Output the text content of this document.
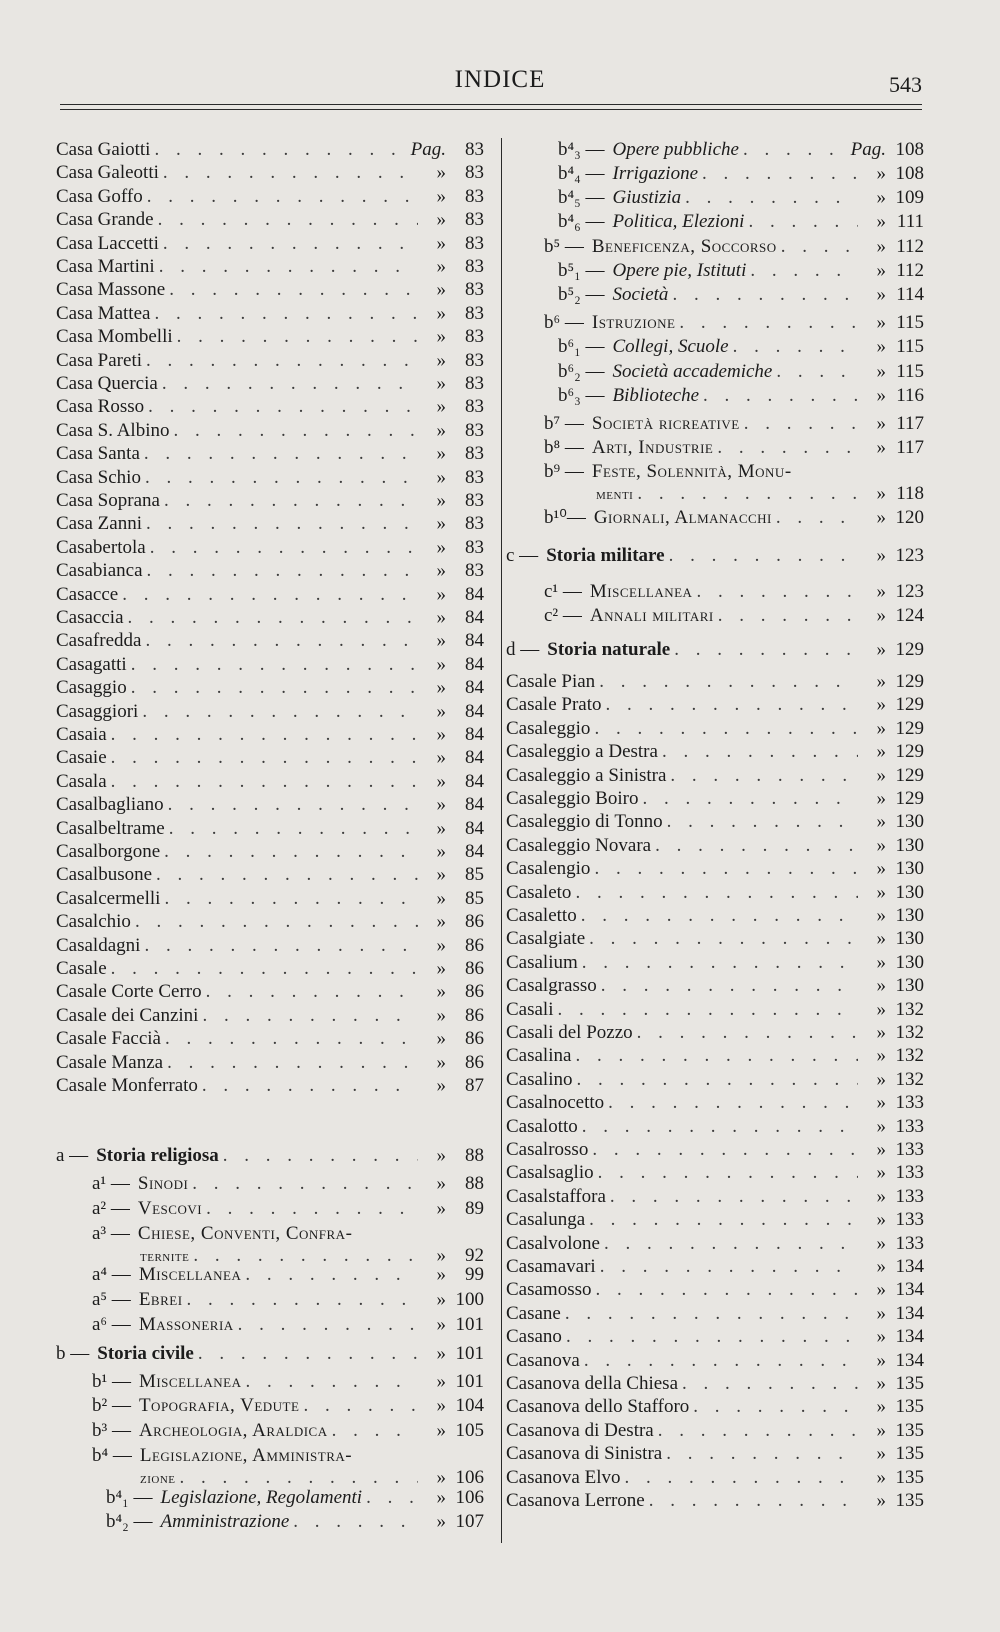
INDICE	543
Casa Gaiotti . . .	Pag.	83
Casa Galeotti . . .	»	83
Casa Goffo . . .	»	83
Casa Grande . . .	»	83
Casa Laccetti . . .	»	83
Casa Martini . . .	»	83
Casa Massone . . .	»	83
Casa Mattea . . .	»	83
Casa Mombelli . . .	»	83
Casa Pareti . . .	»	83
Casa Quercia . . .	»	83
Casa Rosso . . .	»	83
Casa S. Albino . . .	»	83
Casa Santa . . .	»	83
Casa Schio . . .	»	83
Casa Soprana . . .	»	83
Casa Zanni . . .	»	83
Casabertola . . .	»	83
Casabianca . . .	»	83
Casacce . . .	»	84
Casaccia . . .	»	84
Casafredda . . .	»	84
Casagatti . . .	»	84
Casaggio . . .	»	84
Casaggiori . . .	»	84
Casaia . . .	»	84
Casaie . . .	»	84
Casala . . .	»	84
Casalbagliano . . .	»	84
Casalbeltrame . . .	»	84
Casalborgone . . .	»	84
Casalbusone . . .	»	85
Casalcermelli . . .	»	85
Casalchio . . .	»	86
Casaldagni . . .	»	86
Casale . . .	»	86
Casale Corte Cerro . . .	»	86
Casale dei Canzini . . .	»	86
Casale Faccià . . .	»	86
Casale Manza . . .	»	86
Casale Monferrato . . .	»	87
a — Storia religiosa . . .	»	88
a¹ — Sinodi . . .	»	88
a² — Vescovi . . .	»	89
a³ — Chiese, Conventi, Confra-
ternite . . .	»	92
a⁴ — Miscellanea . . .	»	99
a⁵ — Ebrei . . .	» 100
a⁶ — Massoneria . . .	» 101
b — Storia civile . . .	» 101
b¹ — Miscellanea . . .	» 101
b² — Topografia, Vedute . . .	» 104
b³ — Archeologia, Araldica . . .	» 105
b⁴ — Legislazione, Amministra-
zione . . .	» 106
b⁴₁ — Legislazione, Regolamenti . . .	» 106
b⁴₂ — Amministrazione . . .	» 107
b⁴₃ — Opere pubbliche . . .	Pag. 108
b⁴₄ — Irrigazione . . .	» 108
b⁴₅ — Giustizia . . .	» 109
b⁴₆ — Politica, Elezioni . . .	» 111
b⁵ — Beneficenza, Soccorso . . .	» 112
b⁵₁ — Opere pie, Istituti . . .	» 112
b⁵₂ — Società . . .	» 114
b⁶ — Istruzione . . .	» 115
b⁶₁ — Collegi, Scuole . . .	» 115
b⁶₂ — Società accademiche . . .	» 115
b⁶₃ — Biblioteche . . .	» 116
b⁷ — Società ricreative . . .	» 117
b⁸ — Arti, Industrie . . .	» 117
b⁹ — Feste, Solennità, Monu-
menti . . .	» 118
b¹⁰— Giornali, Almanacchi . . .	» 120
c — Storia militare . . .	» 123
c¹ — Miscellanea . . .	» 123
c² — Annali militari . . .	» 124
d — Storia naturale . . .	» 129
Casale Pian . . .	» 129
Casale Prato . . .	» 129
Casaleggio . . .	» 129
Casaleggio a Destra . . .	» 129
Casaleggio a Sinistra . . .	» 129
Casaleggio Boiro . . .	» 129
Casaleggio di Tonno . . .	» 130
Casaleggio Novara . . .	» 130
Casalengio . . .	» 130
Casaleto . . .	» 130
Casaletto . . .	» 130
Casalgiate . . .	» 130
Casalium . . .	» 130
Casalgrasso . . .	» 130
Casali . . .	» 132
Casali del Pozzo . . .	» 132
Casalina . . .	» 132
Casalino . . .	» 132
Casalnocetto . . .	» 133
Casalotto . . .	» 133
Casalrosso . . .	» 133
Casalsaglio . . .	» 133
Casalstaffora . . .	» 133
Casalunga . . .	» 133
Casalvolone . . .	» 133
Casamavari . . .	» 134
Casamosso . . .	» 134
Casane . . .	» 134
Casano . . .	» 134
Casanova . . .	» 134
Casanova della Chiesa . . .	» 135
Casanova dello Stafforo . . .	» 135
Casanova di Destra . . .	» 135
Casanova di Sinistra . . .	» 135
Casanova Elvo . . .	» 135
Casanova Lerrone . . .	» 135
